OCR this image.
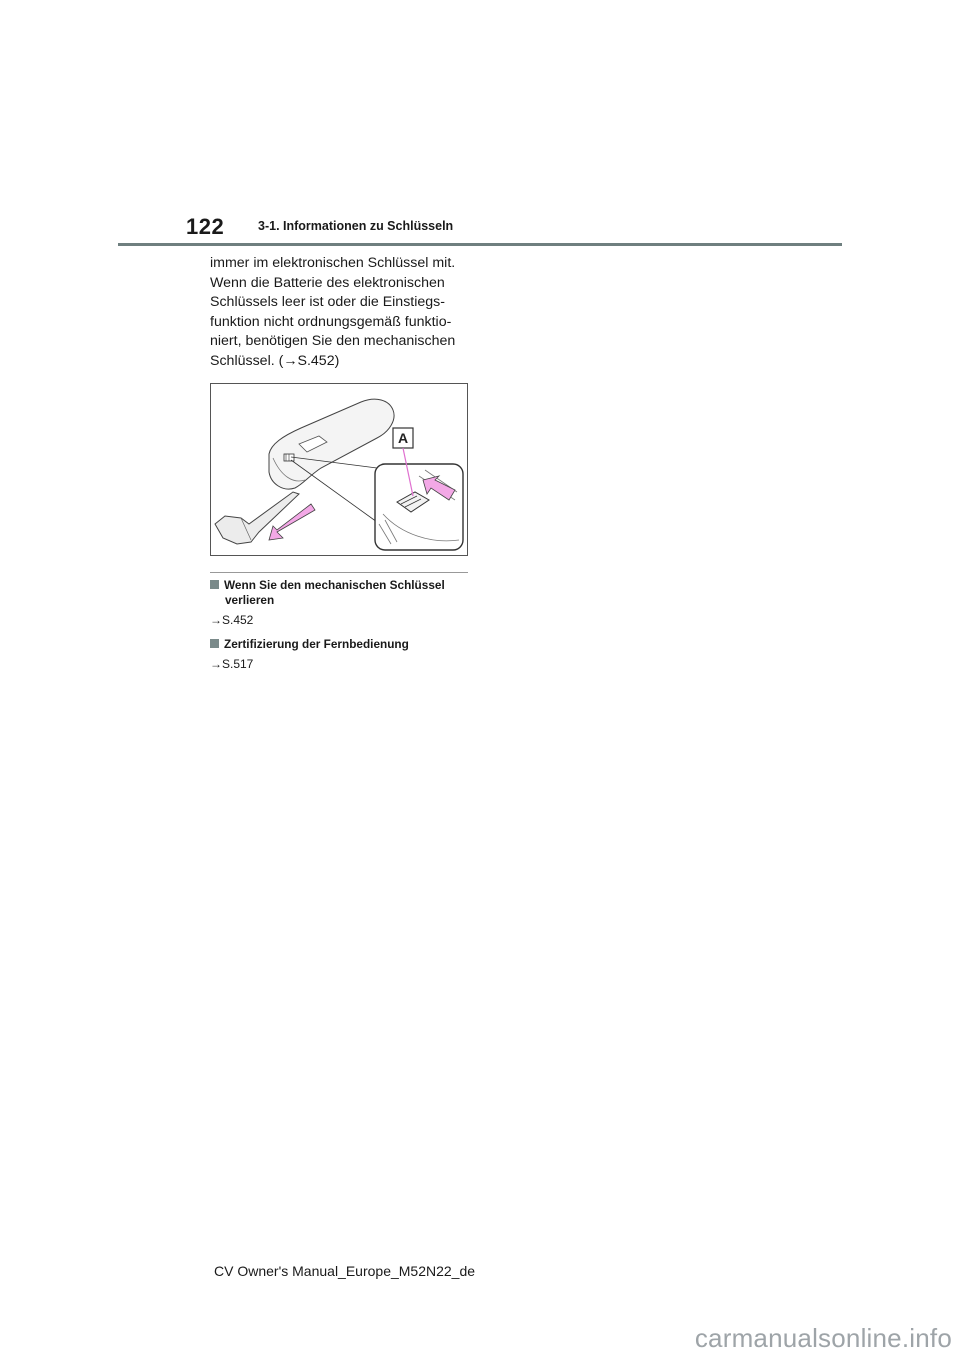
122	3-1. Informationen zu Schlüsseln
immer im elektronischen Schlüssel mit.
Wenn die Batterie des elektronischen
Schlüssels leer ist oder die Einstiegs-
funktion nicht ordnungsgemäß funktio-
niert, benötigen Sie den mechanischen
Schlüssel. (→S.452)
A
Wenn Sie den mechanischen Schlüssel
verlieren
→S.452
Zertifizierung der Fernbedienung
→S.517
CV Owner's Manual_Europe_M52N22_de
carmanualsonline.info
